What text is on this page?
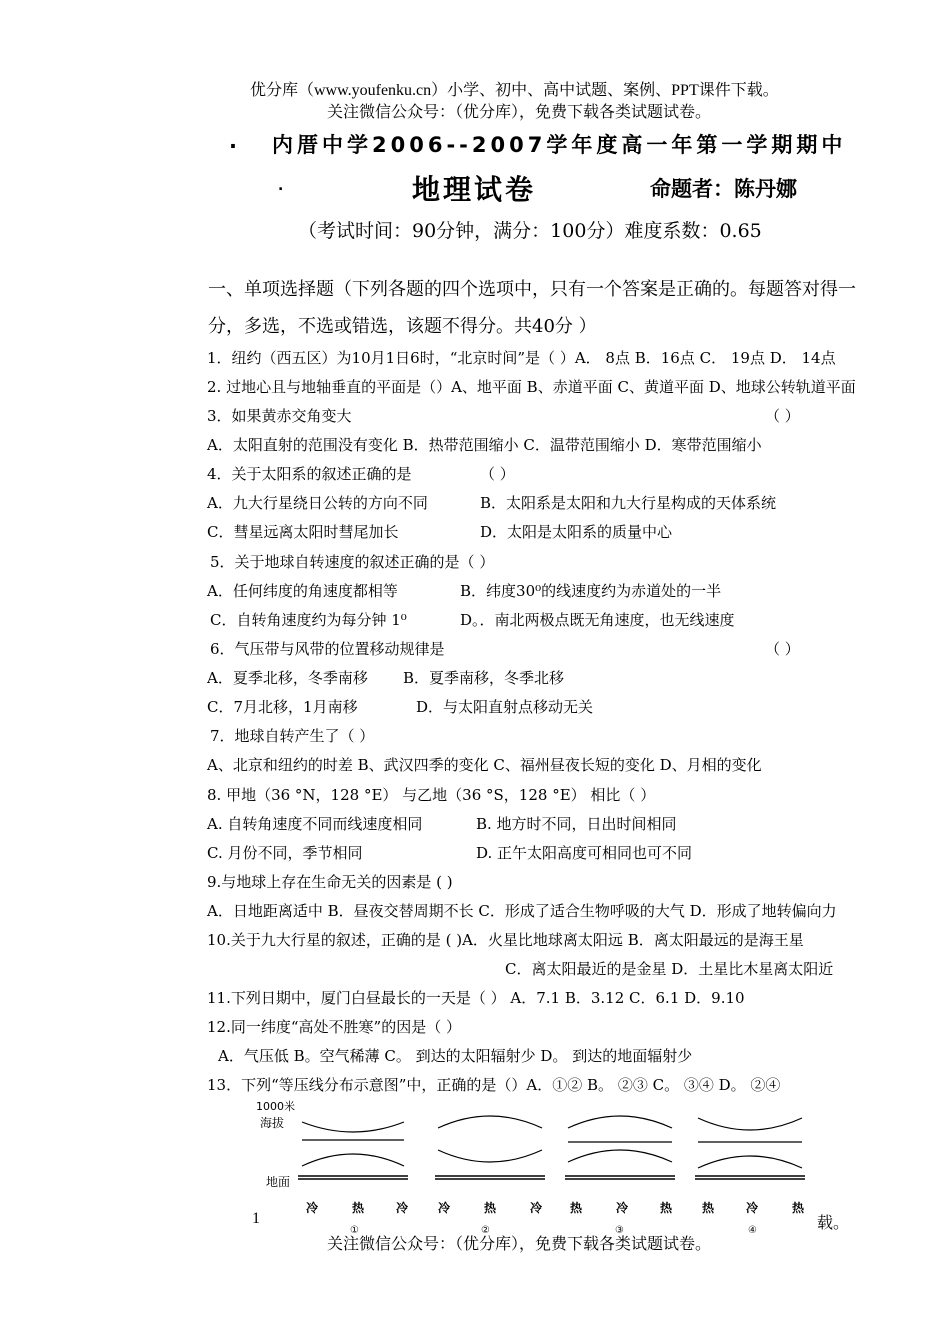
优分库（www.youfenku.cn）小学、初中、高中试题、案例、PPT课件下载。
关注微信公众号：（优分库），免费下载各类试题试卷。
. 内厝中学2006--2007学年度高一年第一学期期中
.	地理试卷	命题者：陈丹娜
（考试时间：90分钟，满分：100分）难度系数：0.65
一、单项选择题（下列各题的四个选项中，只有一个答案是正确的。每题答对得一
分，多选，不选或错选，该题不得分。共40分 ）
1．纽约（西五区）为10月1日6时，“北京时间”是（ ）A． 8点 B．16点 C． 19点 D． 14点
2. 过地心且与地轴垂直的平面是（）A、地平面 B、赤道平面 C、黄道平面 D、地球公转轨道平面
3．如果黄赤交角变大	（ ）
A．太阳直射的范围没有变化 B．热带范围缩小 C．温带范围缩小 D．寒带范围缩小
4．关于太阳系的叙述正确的是	（ ）
A．九大行星绕日公转的方向不同	B．太阳系是太阳和九大行星构成的天体系统
C．彗星远离太阳时彗尾加长	D．太阳是太阳系的质量中心
5．关于地球自转速度的叙述正确的是（ ）
A．任何纬度的角速度都相等	B．纬度30⁰的线速度约为赤道处的一半
C．自转角速度约为每分钟 1⁰	D。．南北两极点既无角速度，也无线速度
6．气压带与风带的位置移动规律是	（ ）
A．夏季北移，冬季南移 B．夏季南移，冬季北移
C．7月北移，1月南移	D．与太阳直射点移动无关
7．地球自转产生了（ ）
A、北京和纽约的时差 B、武汉四季的变化 C、福州昼夜长短的变化 D、月相的变化
8. 甲地（36 °N，128 °E） 与乙地（36 °S，128 °E） 相比（ ）
A. 自转角速度不同而线速度相同	B. 地方时不同，日出时间相同
C. 月份不同，季节相同	D. 正午太阳高度可相同也可不同
9.与地球上存在生命无关的因素是 ( )
A．日地距离适中 B．昼夜交替周期不长 C．形成了适合生物呼吸的大气 D．形成了地转偏向力
10.关于九大行星的叙述，正确的是 ( )A．火星比地球离太阳远 B．离太阳最远的是海王星
C．离太阳最近的是金星 D．土星比木星离太阳近
11.下列日期中，厦门白昼最长的一天是（ ） A．7.1 B．3.12 C．6.1 D．9.10
12.同一纬度“高处不胜寒”的因是（ ）
A．气压低 B。空气稀薄 C。 到达的太阳辐射少 D。 到达的地面辐射少
13．下列“等压线分布示意图”中，正确的是（）A．①② B。 ②③ C。 ③④ D。 ②④
1000米
海拔
地面
冷	热	冷 冷	热	冷 热	冷	热 热	冷	热
①	②	③	④
1	载。
关注微信公众号：（优分库），免费下载各类试题试卷。
